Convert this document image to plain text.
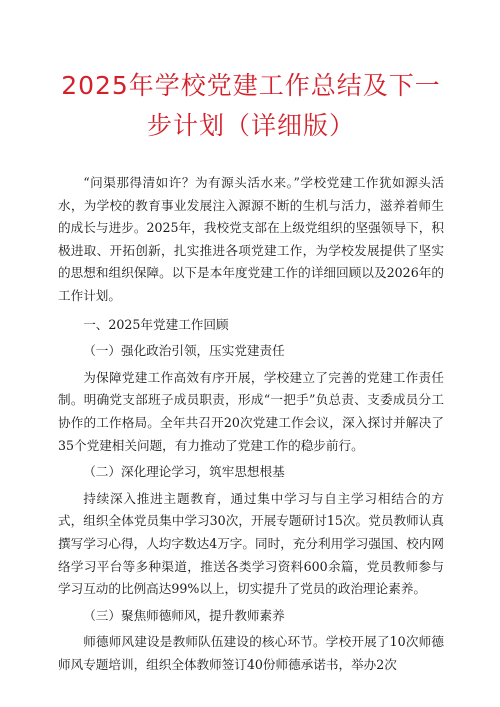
2025年学校党建工作总结及下一步计划（详细版）

“问渠那得清如许？为有源头活水来。”学校党建工作犹如源头活水，为学校的教育事业发展注入源源不断的生机与活力，滋养着师生的成长与进步。2025年，我校党支部在上级党组织的坚强领导下，积极进取、开拓创新，扎实推进各项党建工作，为学校发展提供了坚实的思想和组织保障。以下是本年度党建工作的详细回顾以及2026年的工作计划。

一、2025年党建工作回顾

（一）强化政治引领，压实党建责任

为保障党建工作高效有序开展，学校建立了完善的党建工作责任制。明确党支部班子成员职责，形成“一把手”负总责、支委成员分工协作的工作格局。全年共召开20次党建工作会议，深入探讨并解决了35个党建相关问题，有力推动了党建工作的稳步前行。

（二）深化理论学习，筑牢思想根基

持续深入推进主题教育，通过集中学习与自主学习相结合的方式，组织全体党员集中学习30次，开展专题研讨15次。党员教师认真撰写学习心得，人均字数达4万字。同时，充分利用学习强国、校内网络学习平台等多种渠道，推送各类学习资料600余篇，党员教师参与学习互动的比例高达99%以上，切实提升了党员的政治理论素养。

（三）聚焦师德师风，提升教师素养

师德师风建设是教师队伍建设的核心环节。学校开展了10次师德师风专题培训，组织全体教师签订40份师德承诺书，举办2次
